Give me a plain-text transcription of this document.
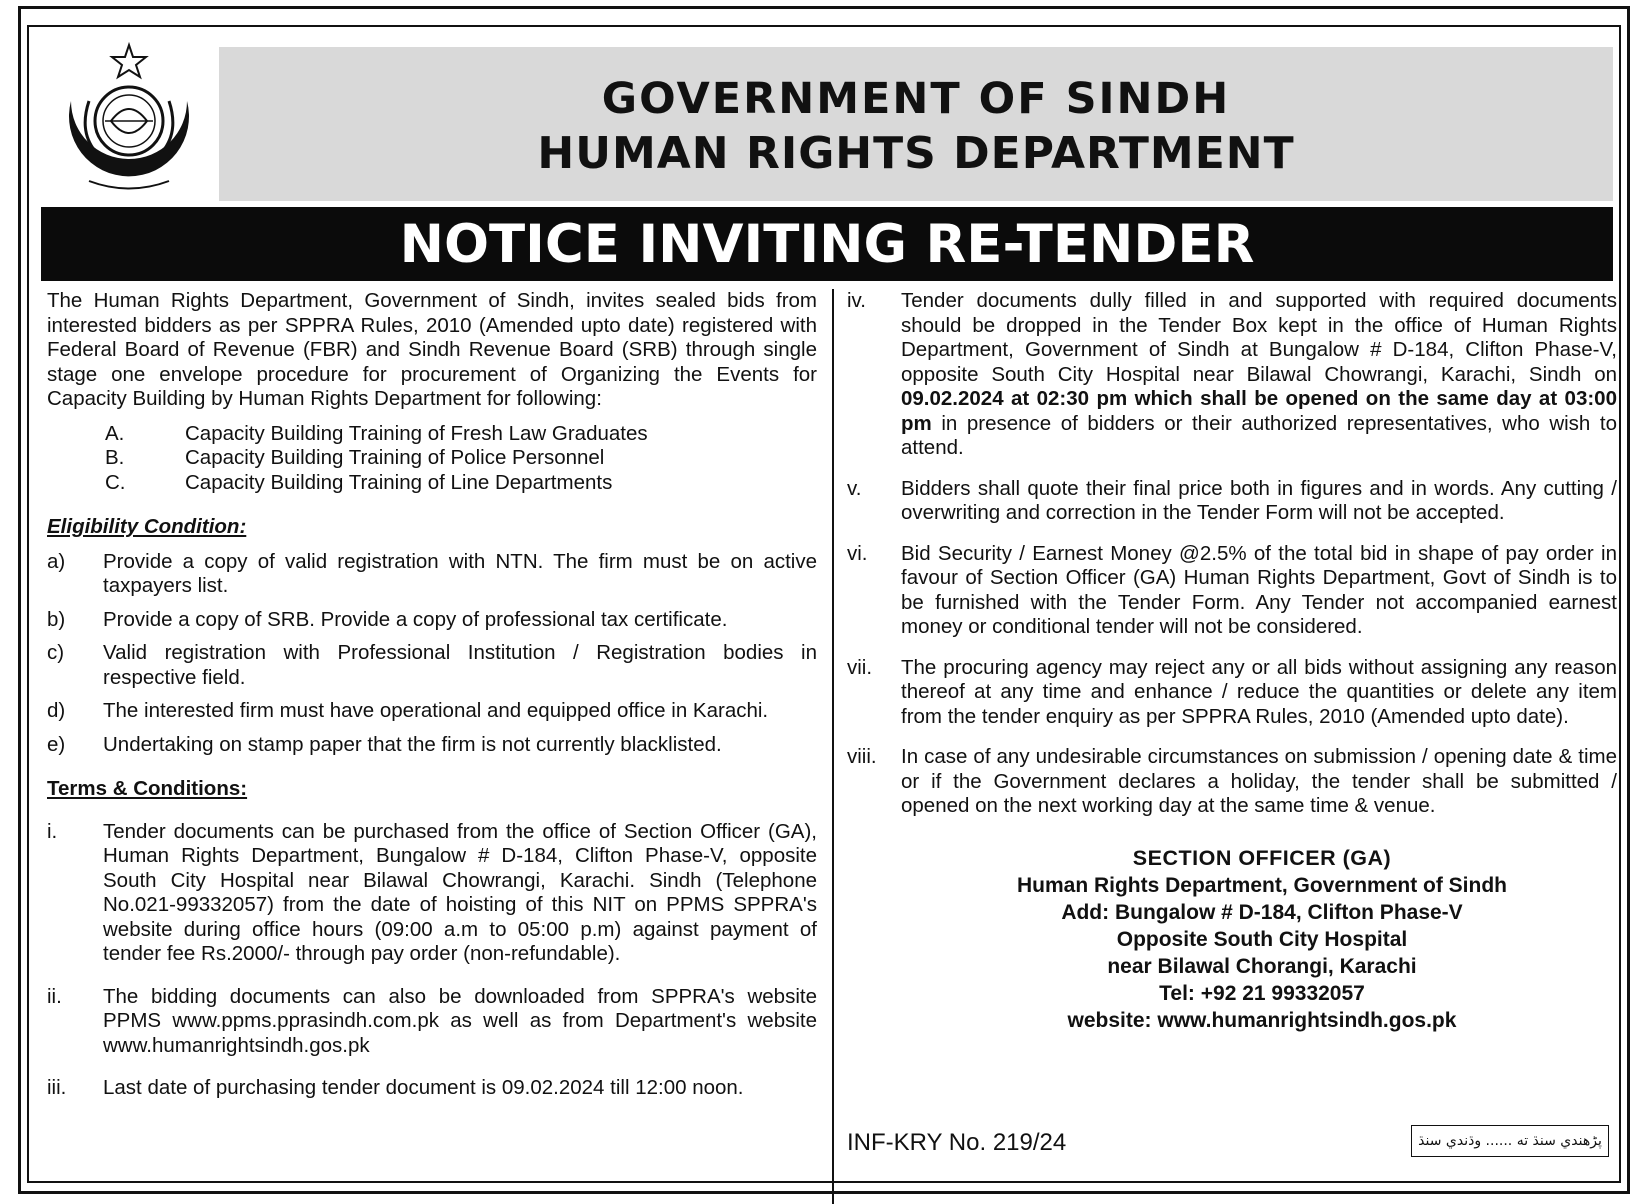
GOVERNMENT OF SINDH
HUMAN RIGHTS DEPARTMENT
NOTICE INVITING RE-TENDER
The Human Rights Department, Government of Sindh, invites sealed bids from interested bidders as per SPPRA Rules, 2010 (Amended upto date) registered with Federal Board of Revenue (FBR) and Sindh Revenue Board (SRB) through single stage one envelope procedure for procurement of Organizing the Events for Capacity Building by Human Rights Department for following:
A.	Capacity Building Training of Fresh Law Graduates
B.	Capacity Building Training of Police Personnel
C.	Capacity Building Training of Line Departments
Eligibility Condition:
a)	Provide a copy of valid registration with NTN. The firm must be on active taxpayers list.
b)	Provide a copy of SRB. Provide a copy of professional tax certificate.
c)	Valid registration with Professional Institution / Registration bodies in respective field.
d)	The interested firm must have operational and equipped office in Karachi.
e)	Undertaking on stamp paper that the firm is not currently blacklisted.
Terms & Conditions:
i.	Tender documents can be purchased from the office of Section Officer (GA), Human Rights Department, Bungalow # D-184, Clifton Phase-V, opposite South City Hospital near Bilawal Chowrangi, Karachi. Sindh (Telephone No.021-99332057) from the date of hoisting of this NIT on PPMS SPPRA's website during office hours (09:00 a.m to 05:00 p.m) against payment of tender fee Rs.2000/- through pay order (non-refundable).
ii.	The bidding documents can also be downloaded from SPPRA's website PPMS www.ppms.pprasindh.com.pk as well as from Department's website www.humanrightsindh.gos.pk
iii.	Last date of purchasing tender document is 09.02.2024 till 12:00 noon.
iv.	Tender documents dully filled in and supported with required documents should be dropped in the Tender Box kept in the office of Human Rights Department, Government of Sindh at Bungalow # D-184, Clifton Phase-V, opposite South City Hospital near Bilawal Chowrangi, Karachi, Sindh on 09.02.2024 at 02:30 pm which shall be opened on the same day at 03:00 pm in presence of bidders or their authorized representatives, who wish to attend.
v.	Bidders shall quote their final price both in figures and in words. Any cutting / overwriting and correction in the Tender Form will not be accepted.
vi.	Bid Security / Earnest Money @2.5% of the total bid in shape of pay order in favour of Section Officer (GA) Human Rights Department, Govt of Sindh is to be furnished with the Tender Form. Any Tender not accompanied earnest money or conditional tender will not be considered.
vii.	The procuring agency may reject any or all bids without assigning any reason thereof at any time and enhance / reduce the quantities or delete any item from the tender enquiry as per SPPRA Rules, 2010 (Amended upto date).
viii.	In case of any undesirable circumstances on submission / opening date & time or if the Government declares a holiday, the tender shall be submitted / opened on the next working day at the same time & venue.
SECTION OFFICER (GA)
Human Rights Department, Government of Sindh
Add: Bungalow # D-184, Clifton Phase-V
Opposite South City Hospital
near Bilawal Chorangi, Karachi
Tel: +92 21 99332057
website: www.humanrightsindh.gos.pk
INF-KRY No. 219/24	پڑھندي سنڌ ته ...... وڌندي سنڌ
